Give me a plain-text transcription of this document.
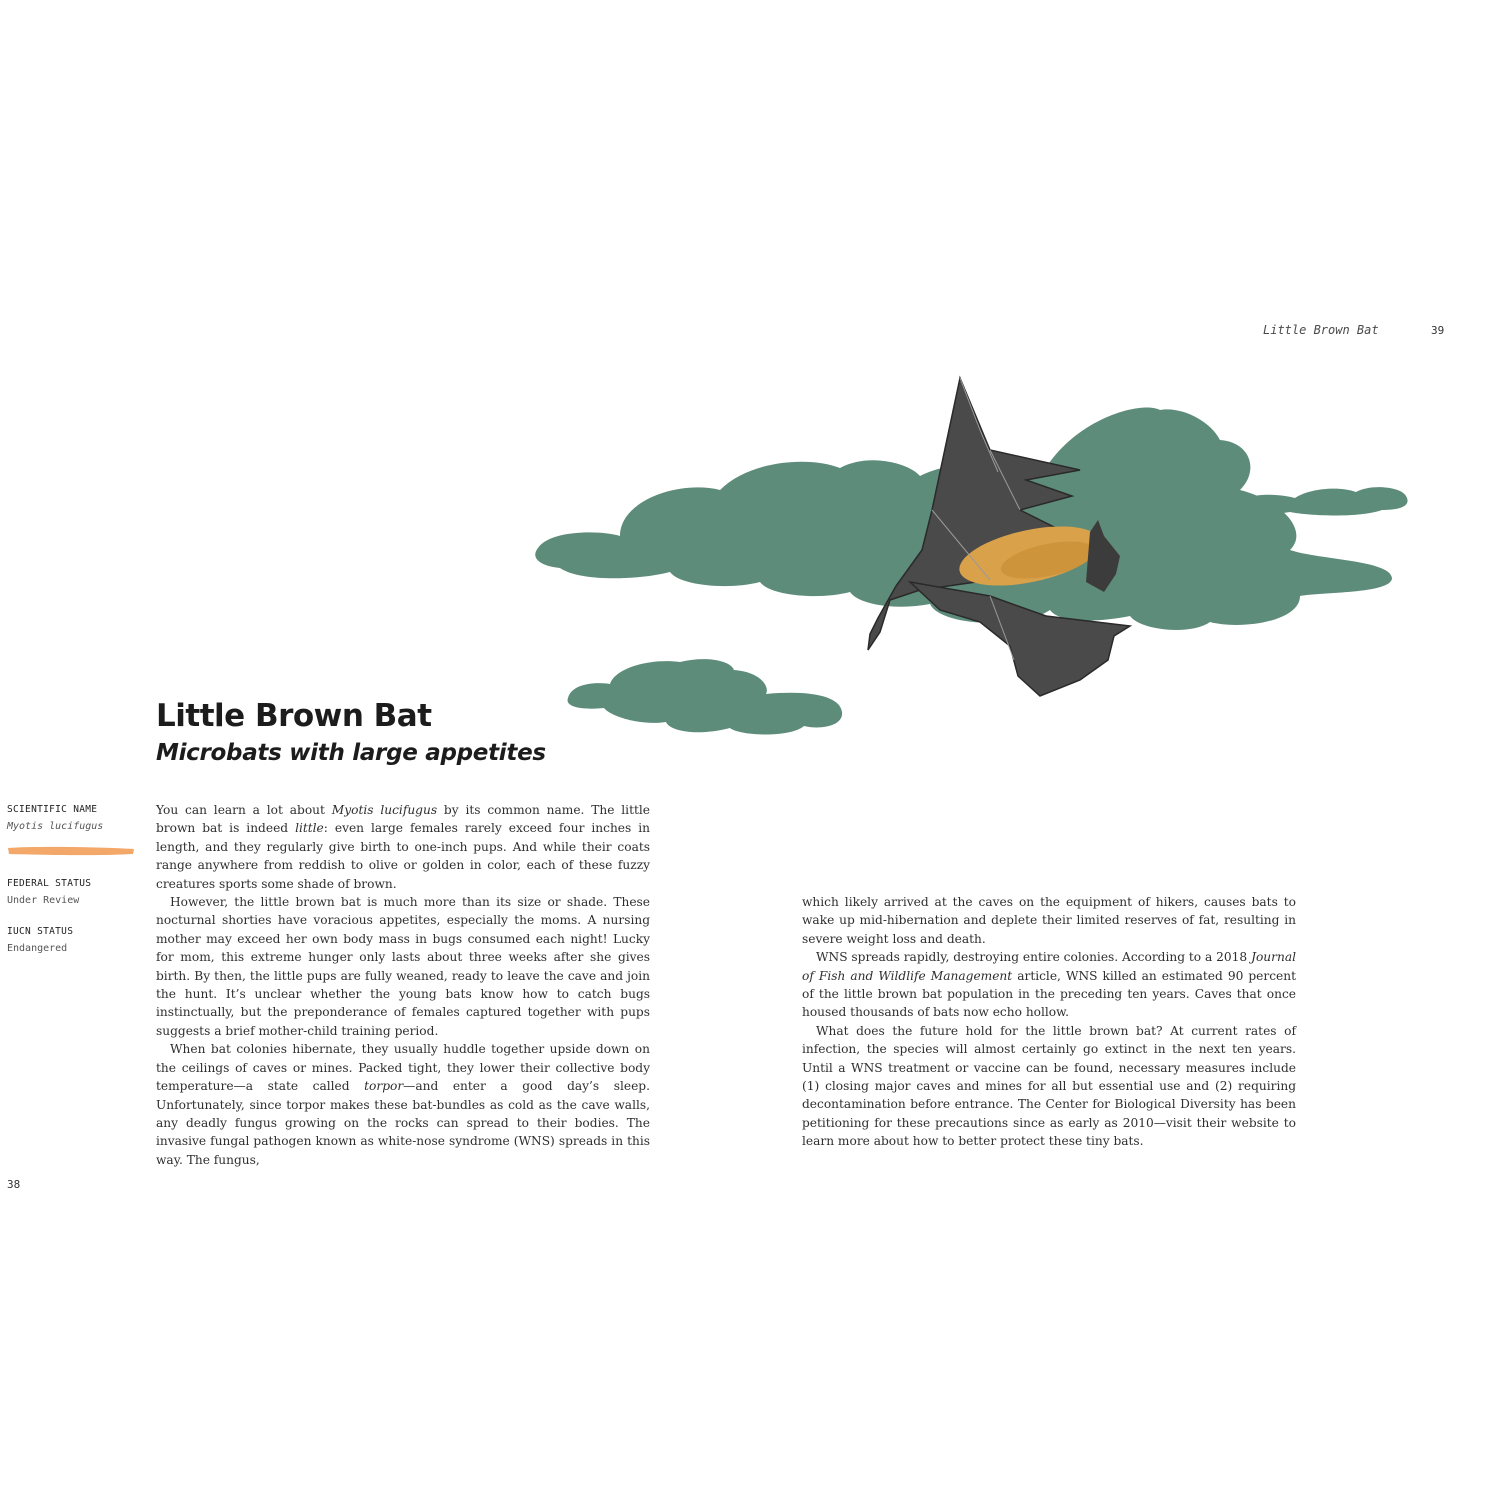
Little Brown Bat	39
Little Brown Bat
Microbats with large appetites
SCIENTIFIC NAME
Myotis lucifugus
FEDERAL STATUS
Under Review
IUCN STATUS
Endangered

You can learn a lot about Myotis lucifugus by its common name. The little brown bat is indeed little: even large females rarely exceed four inches in length, and they regularly give birth to one-inch pups. And while their coats range anywhere from reddish to olive or golden in color, each of these fuzzy creatures sports some shade of brown.

However, the little brown bat is much more than its size or shade. These nocturnal shorties have voracious appetites, especially the moms. A nursing mother may exceed her own body mass in bugs consumed each night! Lucky for mom, this extreme hunger only lasts about three weeks after she gives birth. By then, the little pups are fully weaned, ready to leave the cave and join the hunt. It’s unclear whether the young bats know how to catch bugs instinctually, but the preponderance of females captured together with pups suggests a brief mother-child training period.

When bat colonies hibernate, they usually huddle together upside down on the ceilings of caves or mines. Packed tight, they lower their collective body temperature—a state called torpor—and enter a good day’s sleep. Unfortunately, since torpor makes these bat-bundles as cold as the cave walls, any deadly fungus growing on the rocks can spread to their bodies. The invasive fungal pathogen known as white-nose syndrome (WNS) spreads in this way. The fungus,

which likely arrived at the caves on the equipment of hikers, causes bats to wake up mid-hibernation and deplete their limited reserves of fat, resulting in severe weight loss and death.

WNS spreads rapidly, destroying entire colonies. According to a 2018 Journal of Fish and Wildlife Management article, WNS killed an estimated 90 percent of the little brown bat population in the preceding ten years. Caves that once housed thousands of bats now echo hollow.

What does the future hold for the little brown bat? At current rates of infection, the species will almost certainly go extinct in the next ten years. Until a WNS treatment or vaccine can be found, necessary measures include (1) closing major caves and mines for all but essential use and (2) requiring decontamination before entrance. The Center for Biological Diversity has been petitioning for these precautions since as early as 2010—visit their website to learn more about how to better protect these tiny bats.

38
